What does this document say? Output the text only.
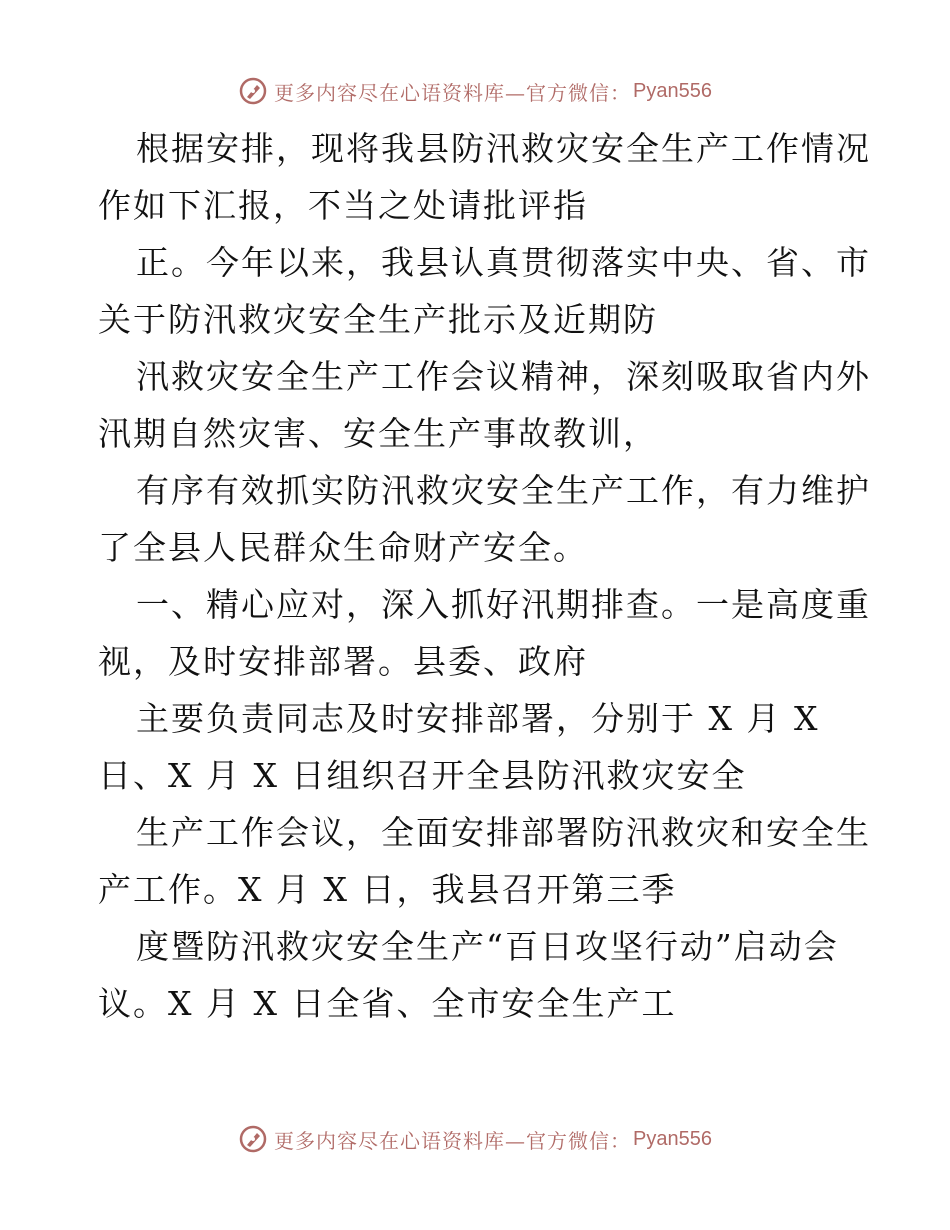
更多内容尽在心语资料库—官方微信： Pyan556
根据安排，现将我县防汛救灾安全生产工作情况
作如下汇报，不当之处请批评指
正。今年以来，我县认真贯彻落实中央、省、市
关于防汛救灾安全生产批示及近期防
汛救灾安全生产工作会议精神，深刻吸取省内外
汛期自然灾害、安全生产事故教训，
有序有效抓实防汛救灾安全生产工作，有力维护
了全县人民群众生命财产安全。
一、精心应对，深入抓好汛期排查。一是高度重
视，及时安排部署。县委、政府
主要负责同志及时安排部署，分别于 X 月 X
日、X 月 X 日组织召开全县防汛救灾安全
生产工作会议，全面安排部署防汛救灾和安全生
产工作。X 月 X 日，我县召开第三季
度暨防汛救灾安全生产“百日攻坚行动”启动会
议。X 月 X 日全省、全市安全生产工
更多内容尽在心语资料库—官方微信： Pyan556
